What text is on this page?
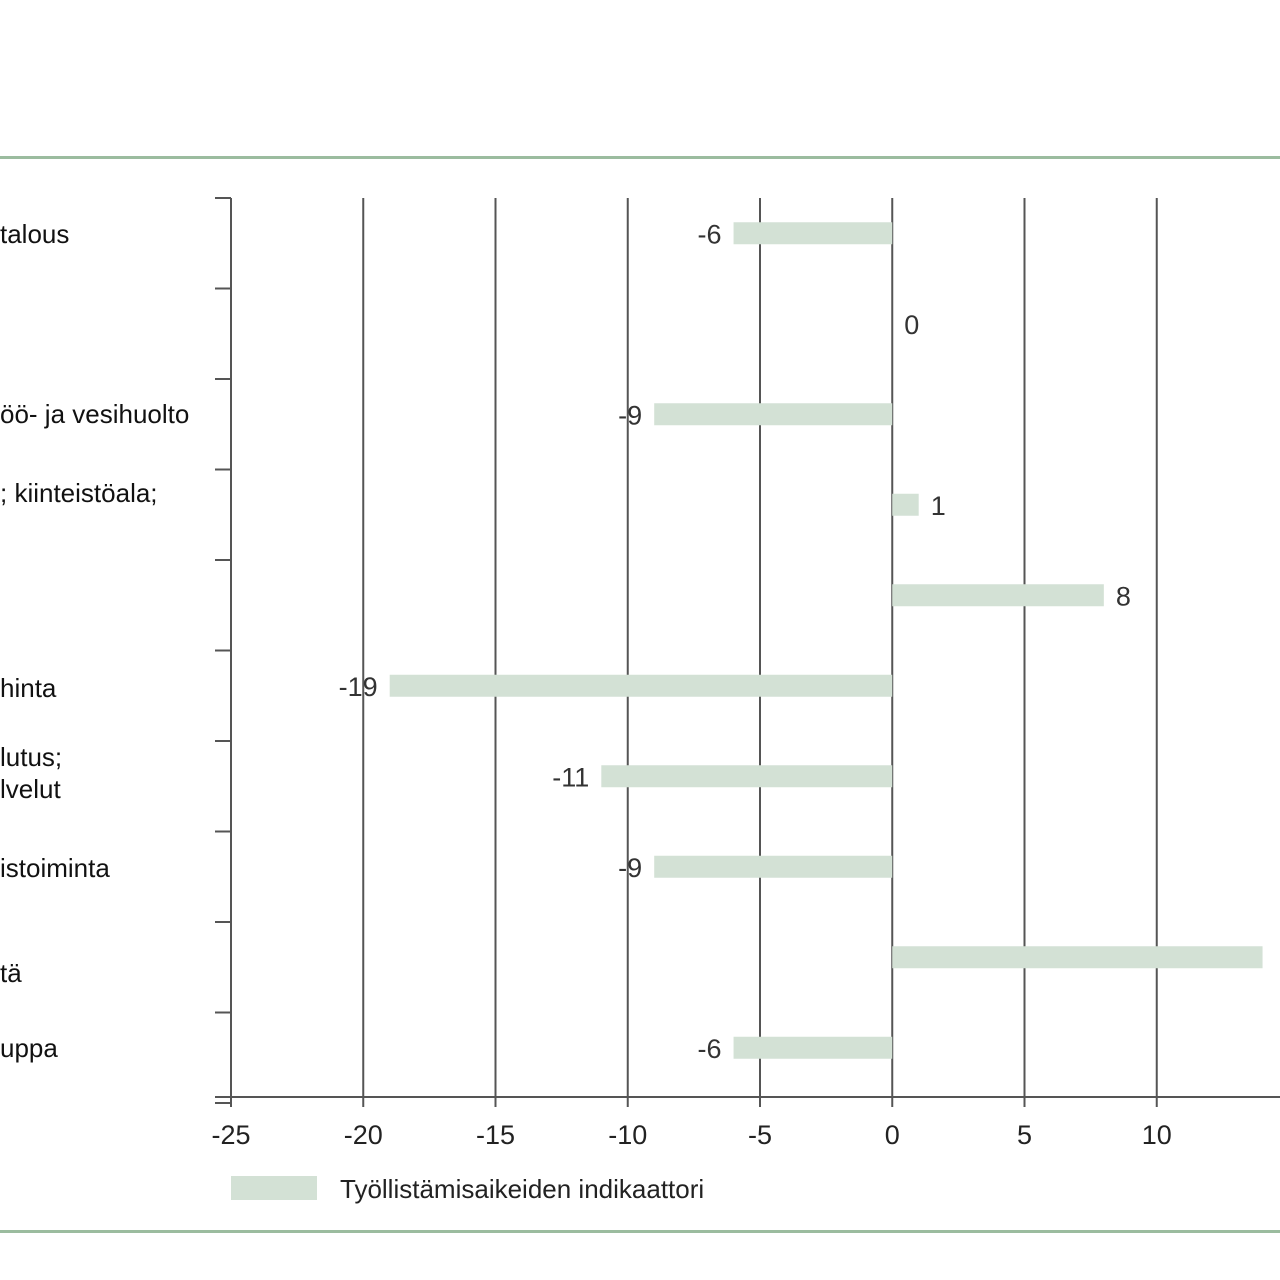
-25	-20	-15	-10	-5	0	5	10
-6
0
-9
1
8
-19
-11
-9
-6
talous
öö- ja vesihuolto
; kiinteistöala;
hinta
lutus; lvelut
istoiminta
tä
uppa
Työllistämisaikeiden indikaattori
